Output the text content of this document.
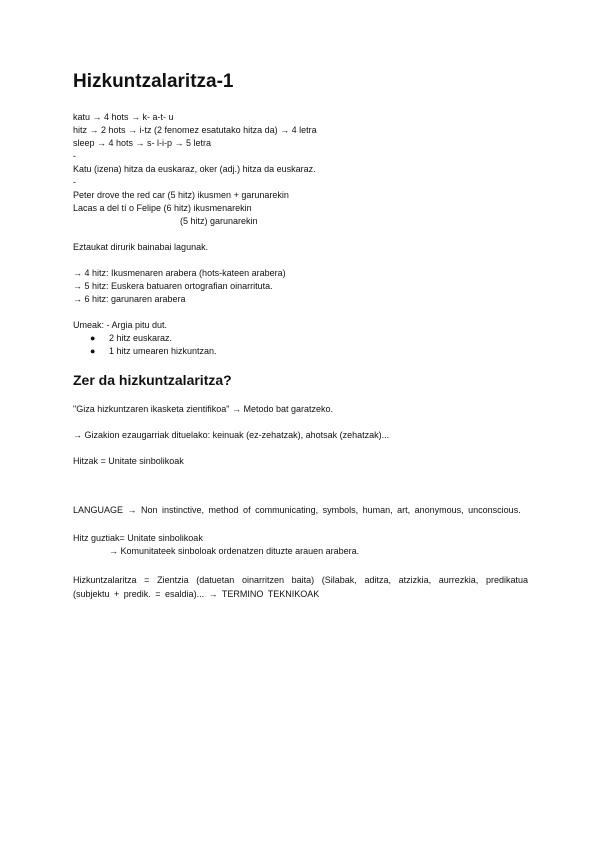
Hizkuntzalaritza-1

katu → 4 hots → k- a-t- u

hitz → 2 hots → i-tz (2 fenomez esatutako hitza da) → 4 letra

sleep → 4 hots → s- l-i-p → 5 letra

-

Katu (izena) hitza da euskaraz, oker (adj.) hitza da euskaraz.

-

Peter drove the red car (5 hitz) ikusmen + garunarekin

Lacas a del tí o Felipe (6 hitz) ikusmenarekin

(5 hitz) garunarekin

Eztaukat dirurik bainabai lagunak.

→ 4 hitz: Ikusmenaren arabera (hots-kateen arabera)

→ 5 hitz: Euskera batuaren ortografian oinarrituta.

→ 6 hitz: garunaren arabera

Umeak: - Argia pitu dut.

● 2 hitz euskaraz.
● 1 hitz umearen hizkuntzan.
Zer da hizkuntzalaritza?

"Giza hizkuntzaren ikasketa zientifikoa" → Metodo bat garatzeko.

→ Gizakion ezaugarriak dituelako: keinuak (ez-zehatzak), ahotsak (zehatzak)...

Hitzak = Unitate sinbolikoak

LANGUAGE → Non instinctive, method of communicating, symbols, human, art, anonymous, unconscious.

Hitz guztiak= Unitate sinbolikoak

→ Komunitateek sinboloak ordenatzen dituzte arauen arabera.

Hizkuntzalaritza = Zientzia (datuetan oinarritzen baita) (Silabak, aditza, atzizkia, aurrezkia, predikatua (subjektu + predik. = esaldia)... → TERMINO TEKNIKOAK
